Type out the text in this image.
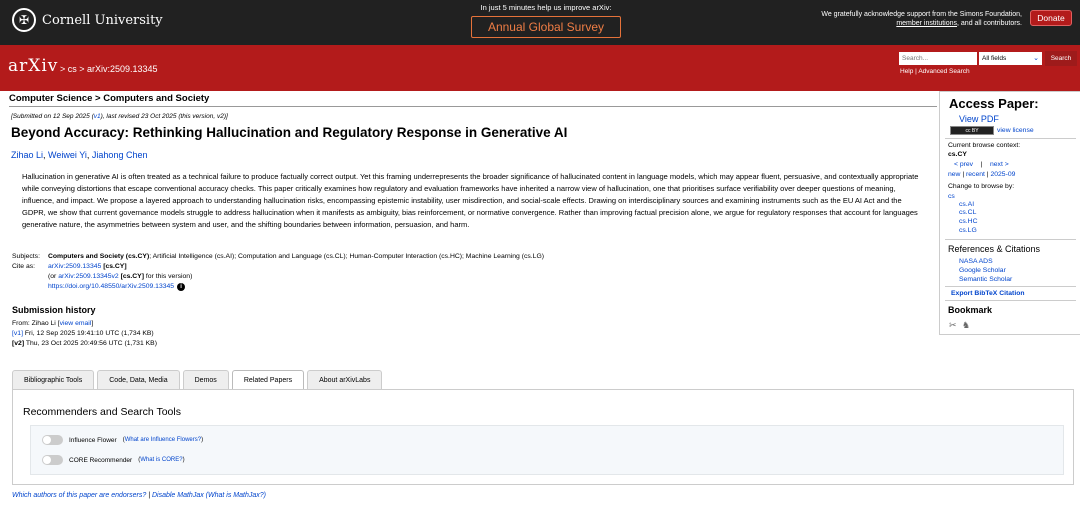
✠ Cornell University
In just 5 minutes help us improve arXiv:
Annual Global Survey
We gratefully acknowledge support from the Simons Foundation,
member institutions, and all contributors.
Donate
arXiv > cs > arXiv:2509.13345
Search...
All fields	⌄	Search
Help | Advanced Search
Computer Science > Computers and Society
[Submitted on 12 Sep 2025 (v1), last revised 23 Oct 2025 (this version, v2)]
Beyond Accuracy: Rethinking Hallucination and Regulatory Response in Generative AI
Zihao Li, Weiwei Yi, Jiahong Chen
Hallucination in generative AI is often treated as a technical failure to produce factually correct output. Yet this framing underrepresents the broader significance of hallucinated content in language models, which may appear fluent, persuasive, and contextually appropriate while conveying distortions that escape conventional accuracy checks. This paper critically examines how regulatory and evaluation frameworks have inherited a narrow view of hallucination, one that prioritises surface verifiability over deeper questions of meaning, influence, and impact. We propose a layered approach to understanding hallucination risks, encompassing epistemic instability, user misdirection, and social-scale effects. Drawing on interdisciplinary sources and examining instruments such as the EU AI Act and the GDPR, we show that current governance models struggle to address hallucination when it manifests as ambiguity, bias reinforcement, or normative convergence. Rather than improving factual precision alone, we argue for regulatory responses that account for languages generative nature, the asymmetries between system and user, and the shifting boundaries between information, persuasion, and harm.
Subjects: Computers and Society (cs.CY); Artificial Intelligence (cs.AI); Computation and Language (cs.CL); Human-Computer Interaction (cs.HC); Machine Learning (cs.LG)
Cite as: arXiv:2509.13345 [cs.CY]
(or arXiv:2509.13345v2 [cs.CY] for this version)
https://doi.org/10.48550/arXiv.2509.13345 i
Submission history
From: Zihao Li [view email]
[v1] Fri, 12 Sep 2025 19:41:10 UTC (1,734 KB)
[v2] Thu, 23 Oct 2025 20:49:56 UTC (1,731 KB)
Bibliographic Tools	Code, Data, Media	Demos	Related Papers	About arXivLabs
Recommenders and Search Tools
Influence Flower (What are Influence Flowers?)
CORE Recommender (What is CORE?)
Which authors of this paper are endorsers? | Disable MathJax (What is MathJax?)
Access Paper:
View PDF
cc BY	view license
Current browse context:
cs.CY
< prev | next >
new | recent | 2025-09
Change to browse by:
cs
cs.AI
cs.CL
cs.HC
cs.LG
References & Citations
NASA ADS
Google Scholar
Semantic Scholar
Export BibTeX Citation
Bookmark
✂ ♞
